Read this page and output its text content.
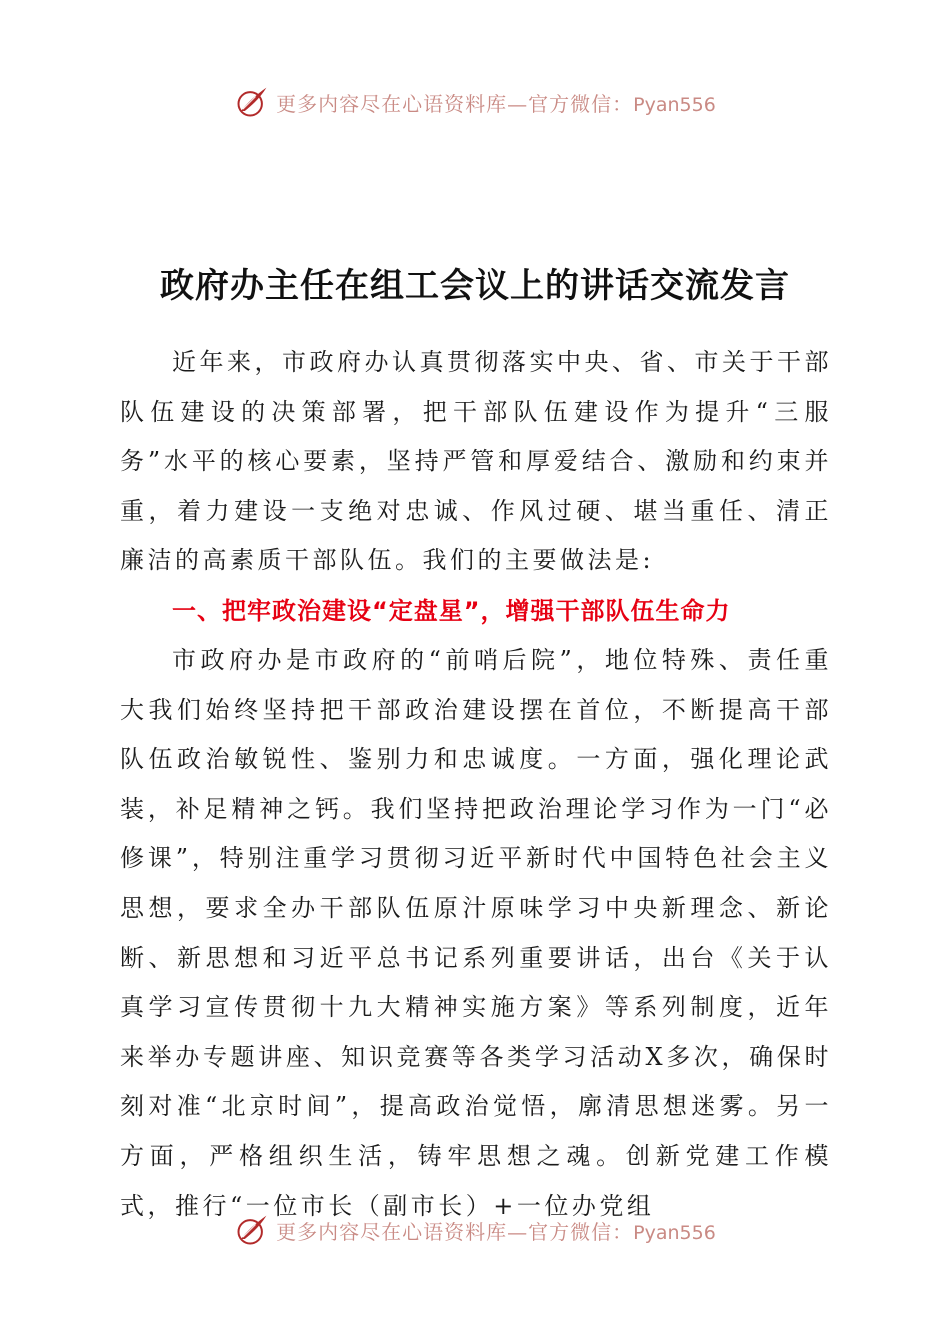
更多内容尽在心语资料库—官方微信：Pyan556
政府办主任在组工会议上的讲话交流发言

近年来，市政府办认真贯彻落实中央、省、市关于干部队伍建设的决策部署，把干部队伍建设作为提升“三服务”水平的核心要素，坚持严管和厚爱结合、激励和约束并重，着力建设一支绝对忠诚、作风过硬、堪当重任、清正廉洁的高素质干部队伍。我们的主要做法是:

一、把牢政治建设“定盘星”，增强干部队伍生命力

市政府办是市政府的“前哨后院”，地位特殊、责任重大我们始终坚持把干部政治建设摆在首位，不断提高干部队伍政治敏锐性、鉴别力和忠诚度。一方面，强化理论武装，补足精神之钙。我们坚持把政治理论学习作为一门“必修课”，特别注重学习贯彻习近平新时代中国特色社会主义思想，要求全办干部队伍原汁原味学习中央新理念、新论断、新思想和习近平总书记系列重要讲话，出台《关于认真学习宣传贯彻十九大精神实施方案》等系列制度，近年来举办专题讲座、知识竞赛等各类学习活动X多次，确保时刻对准“北京时间”，提高政治觉悟，廓清思想迷雾。另一方面，严格组织生活，铸牢思想之魂。创新党建工作模式，推行“一位市长（副市长）+一位办党组

更多内容尽在心语资料库—官方微信：Pyan556
